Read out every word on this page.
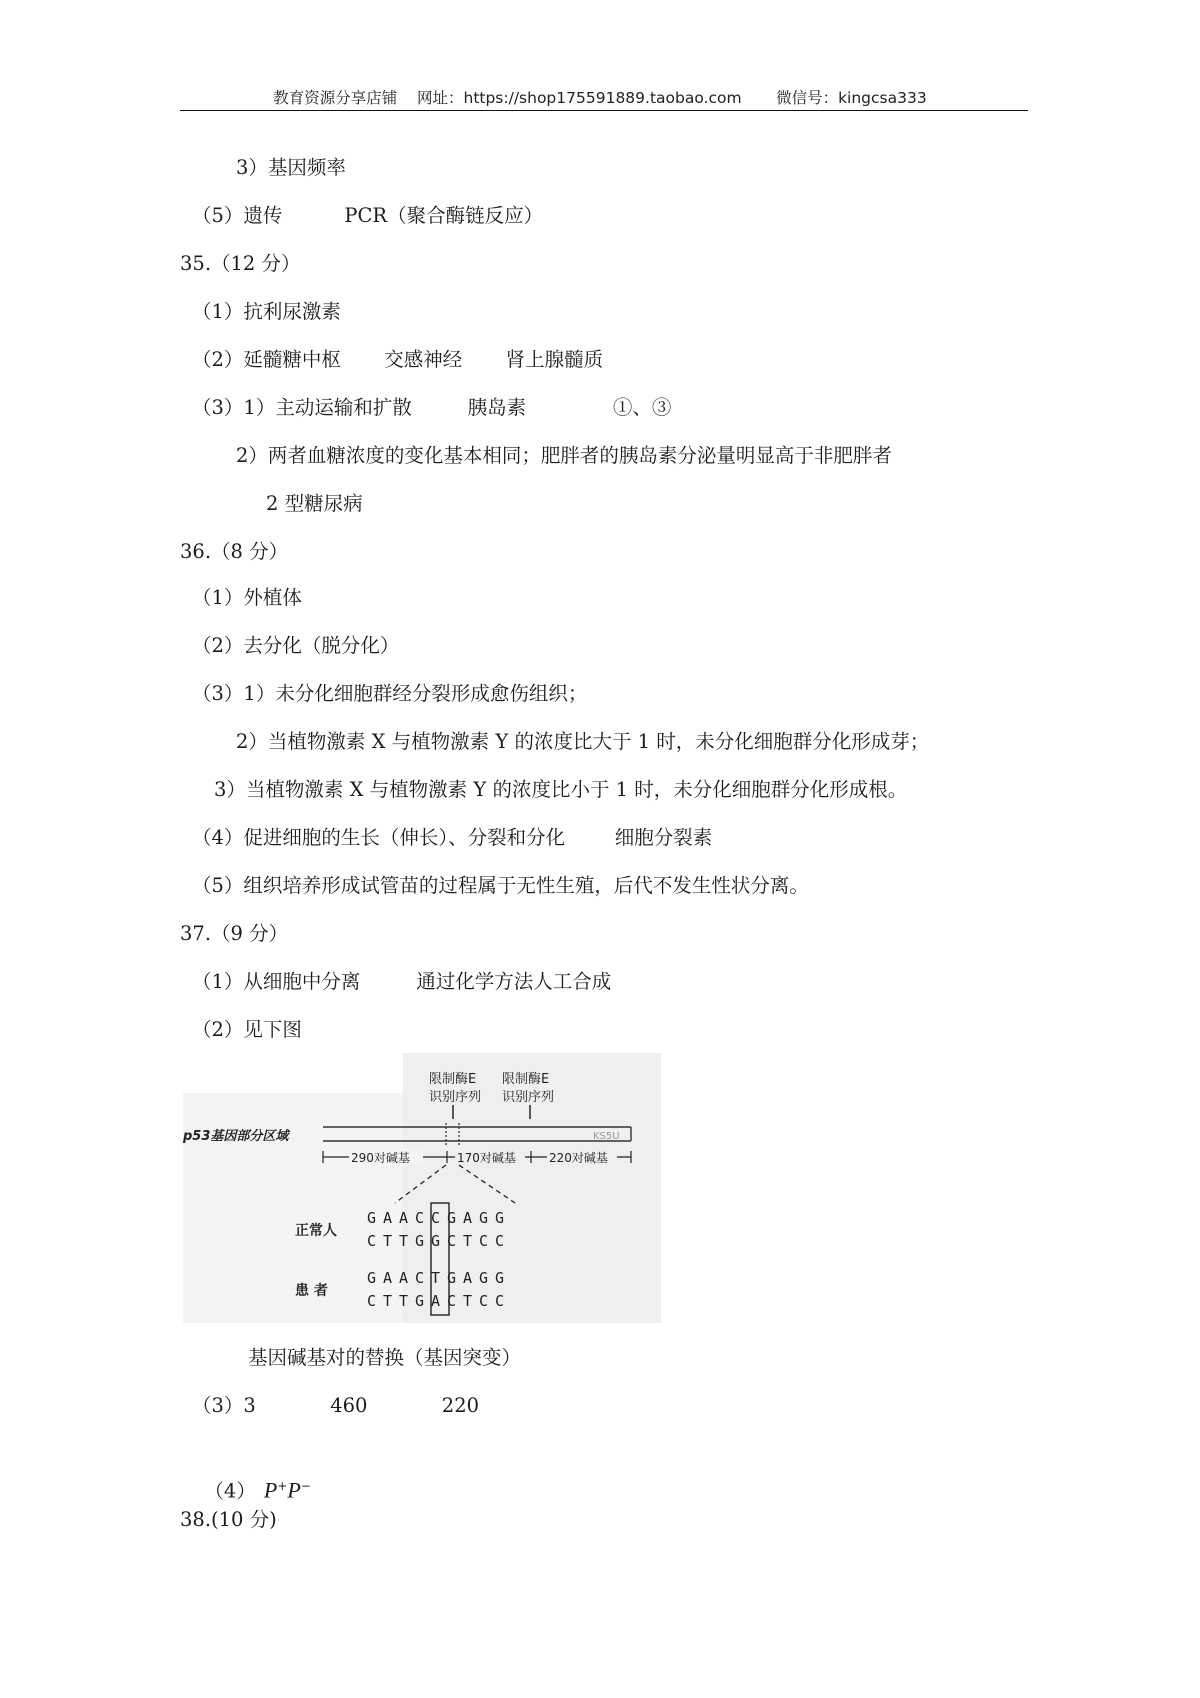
教育资源分享店铺    网址：https://shop175591889.taobao.com       微信号：kingcsa333
3）基因频率
（5）遗传          PCR（聚合酶链反应）
35.（12 分）
（1）抗利尿激素
（2）延髓糖中枢       交感神经       肾上腺髓质
（3）1）主动运输和扩散         胰岛素              ①、③
2）两者血糖浓度的变化基本相同；肥胖者的胰岛素分泌量明显高于非肥胖者
2 型糖尿病
36.（8 分）
（1）外植体
（2）去分化（脱分化）
（3）1）未分化细胞群经分裂形成愈伤组织；
2）当植物激素 X 与植物激素 Y 的浓度比大于 1 时，未分化细胞群分化形成芽；
3）当植物激素 X 与植物激素 Y 的浓度比小于 1 时，未分化细胞群分化形成根。
（4）促进细胞的生长（伸长）、分裂和分化        细胞分裂素
（5）组织培养形成试管苗的过程属于无性生殖，后代不发生性状分离。
37.（9 分）
（1）从细胞中分离         通过化学方法人工合成
（2）见下图
限制酶E
识别序列
限制酶E
识别序列
p53基因部分区域	KS5U
290对碱基	170对碱基	220对碱基
正常人
患 者
G A A C C G A G G
C T T G G C T C C
G A A C T G A G G
C T T G A C T C C
基因碱基对的替换（基因突变）
（3）3            460            220

（4） P+P−

38.(10 分)
